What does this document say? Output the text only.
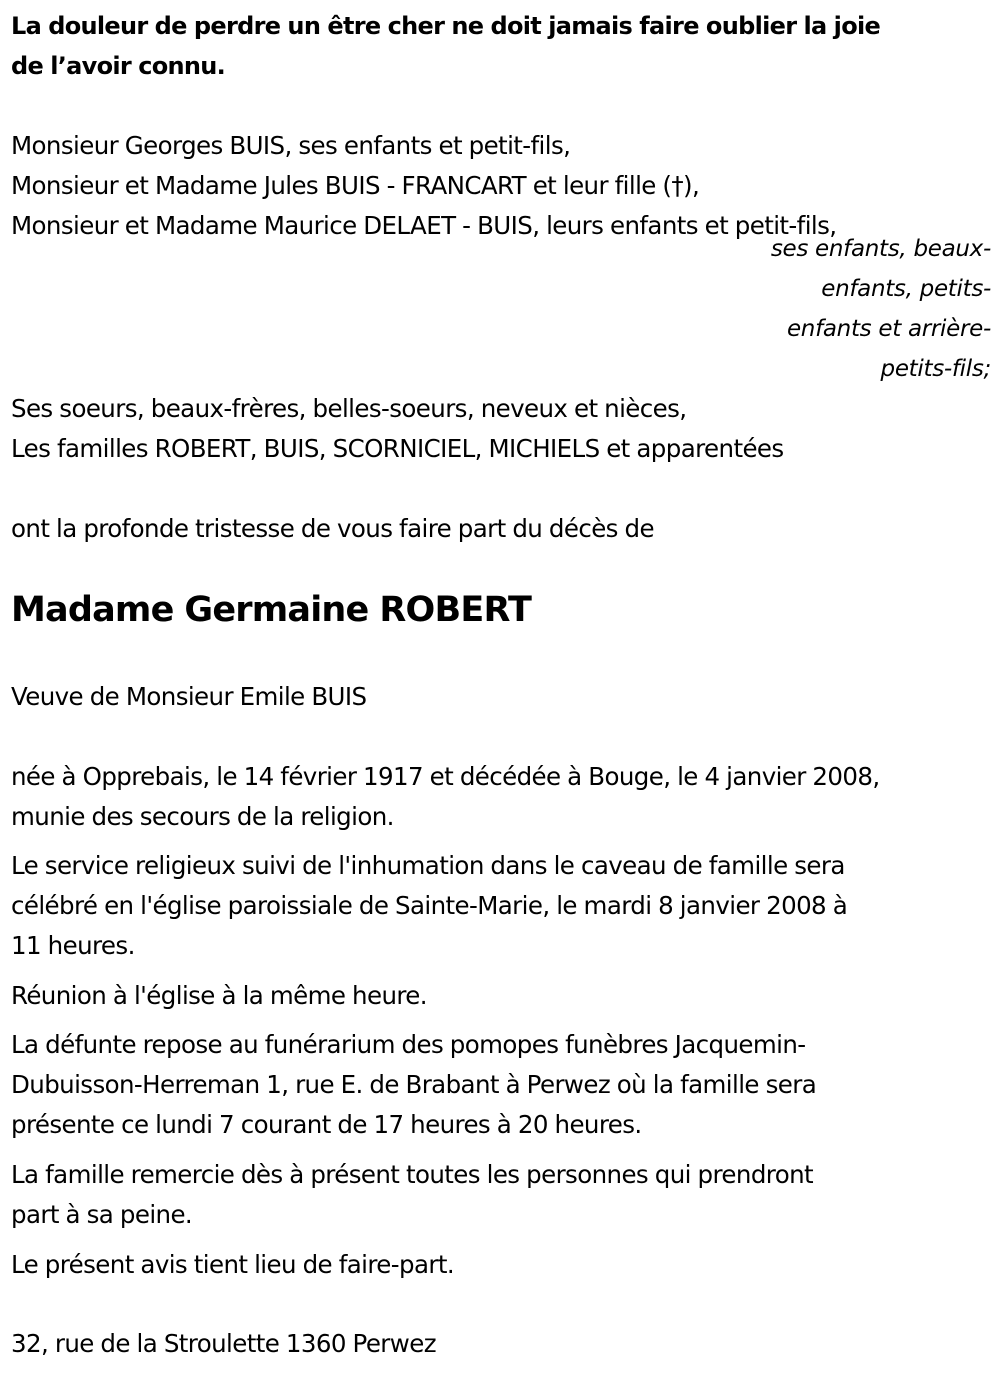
La douleur de perdre un être cher ne doit jamais faire oublier la joie
de l’avoir connu.
Monsieur Georges BUIS, ses enfants et petit-fils,
Monsieur et Madame Jules BUIS - FRANCART et leur fille (†),
Monsieur et Madame Maurice DELAET - BUIS, leurs enfants et petit-fils,
ses enfants, beaux-
enfants, petits-
enfants et arrière-
petits-fils;
Ses soeurs, beaux-frères, belles-soeurs, neveux et nièces,
Les familles ROBERT, BUIS, SCORNICIEL, MICHIELS et apparentées
ont la profonde tristesse de vous faire part du décès de
Madame Germaine ROBERT
Veuve de Monsieur Emile BUIS
née à Opprebais, le 14 février 1917 et décédée à Bouge, le 4 janvier 2008,
munie des secours de la religion.
Le service religieux suivi de l'inhumation dans le caveau de famille sera
célébré en l'église paroissiale de Sainte-Marie, le mardi 8 janvier 2008 à
11 heures.
Réunion à l'église à la même heure.
La défunte repose au funérarium des pomopes funèbres Jacquemin-
Dubuisson-Herreman 1, rue E. de Brabant à Perwez où la famille sera
présente ce lundi 7 courant de 17 heures à 20 heures.
La famille remercie dès à présent toutes les personnes qui prendront
part à sa peine.
Le présent avis tient lieu de faire-part.
32, rue de la Stroulette 1360 Perwez
